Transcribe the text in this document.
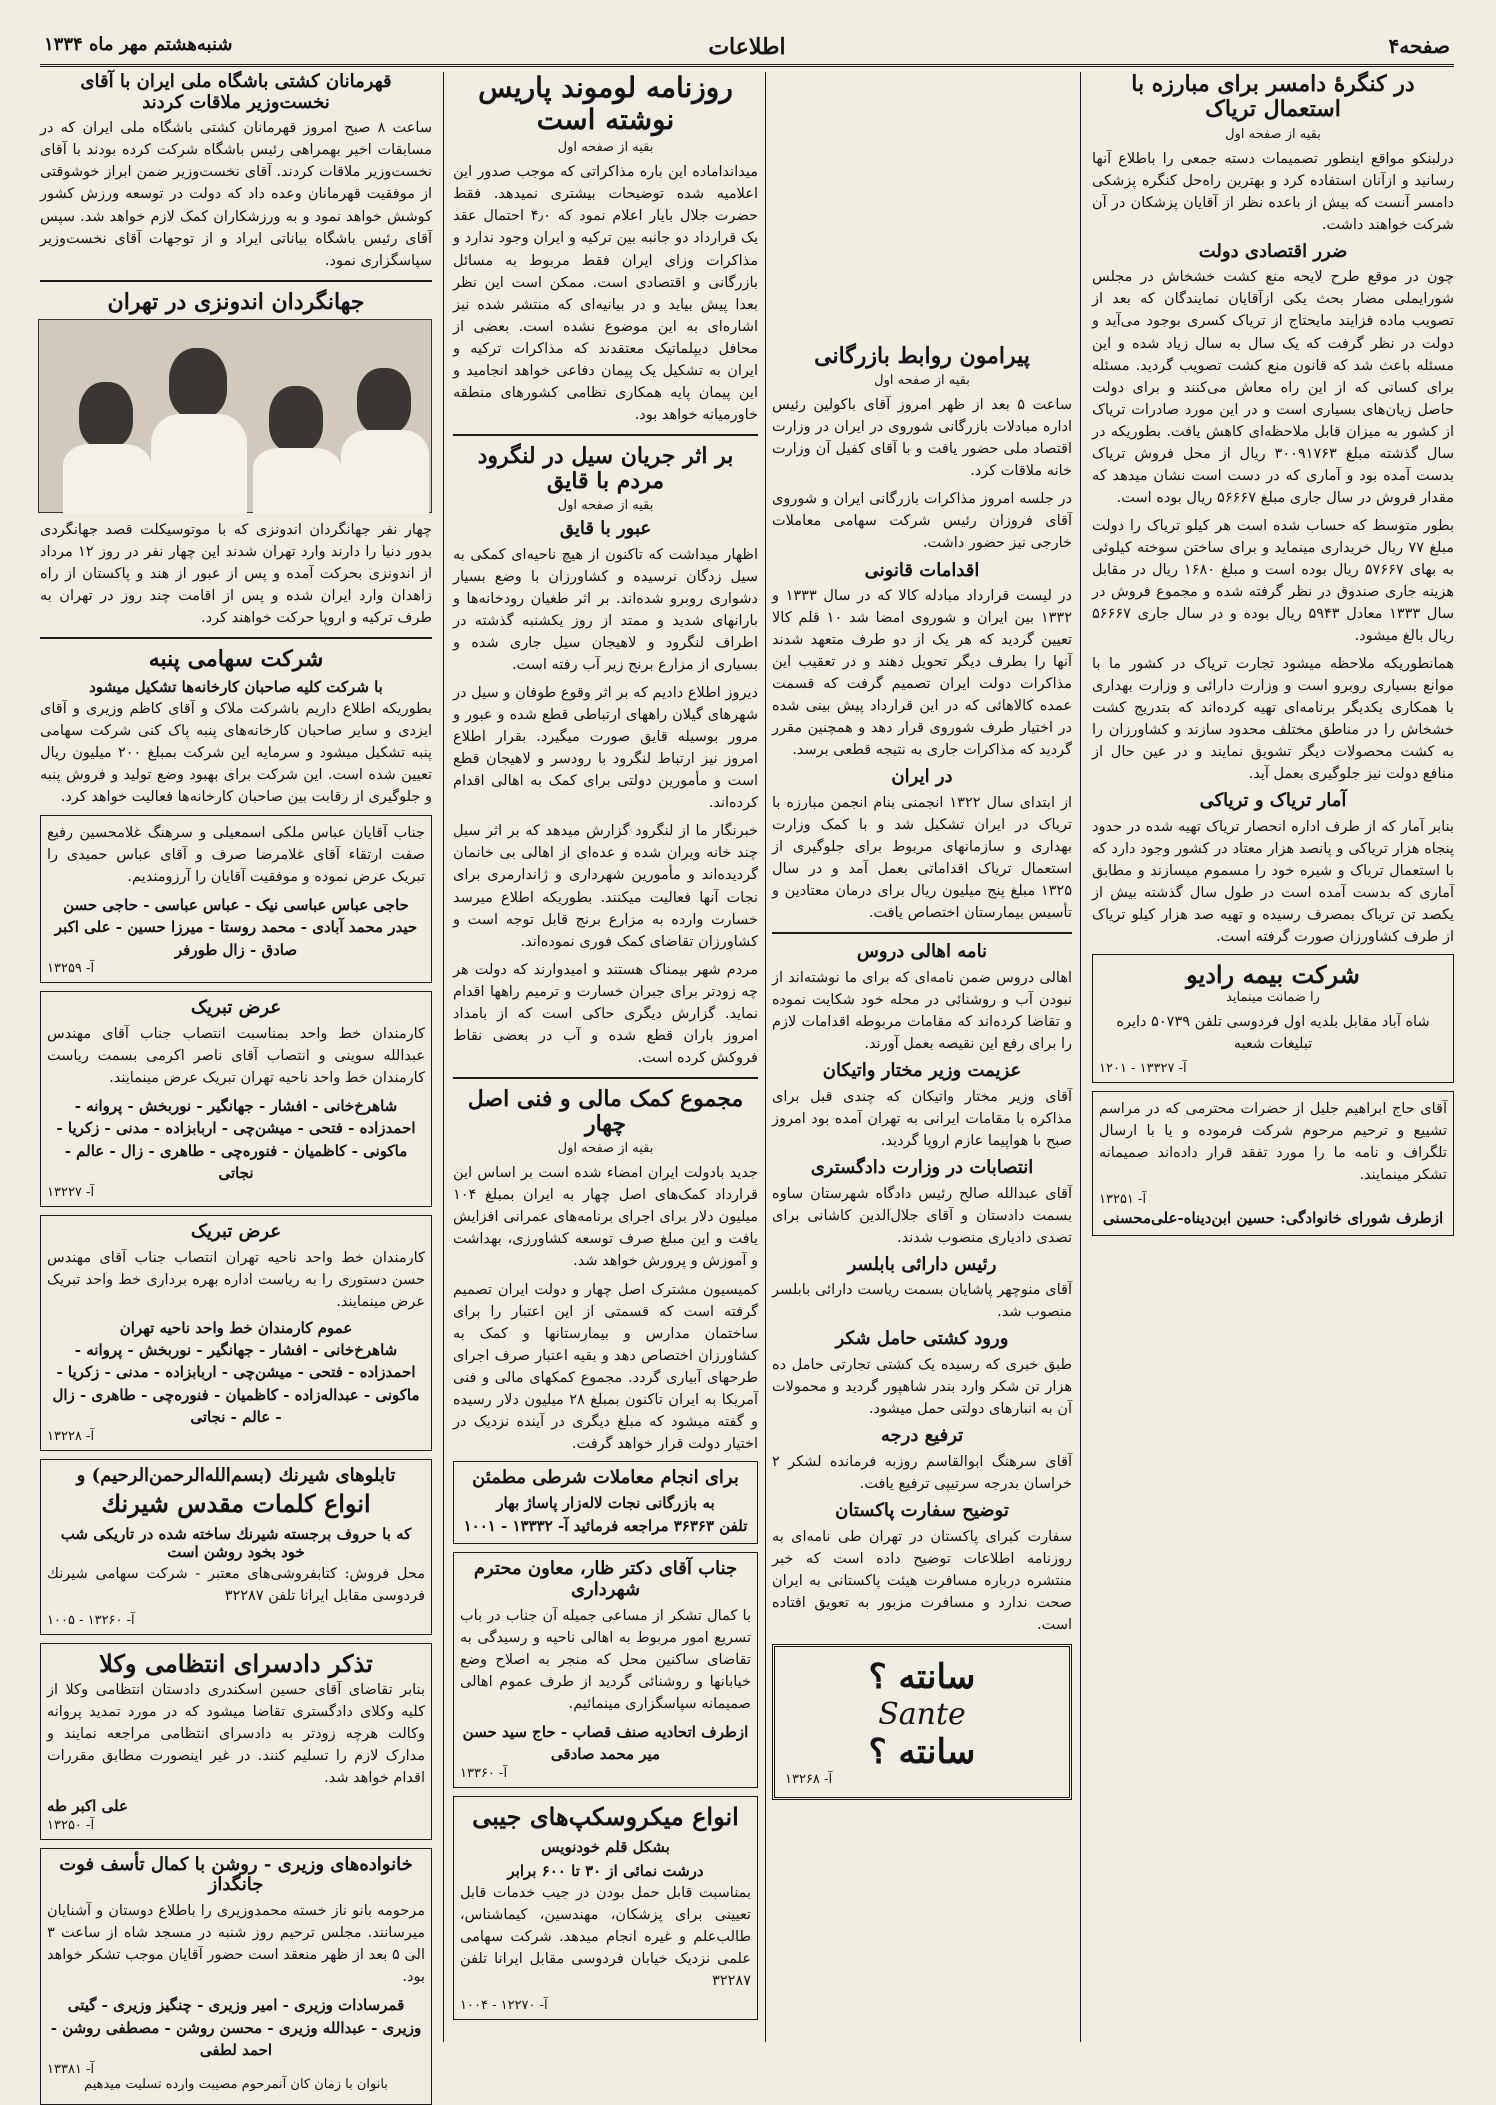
صفحه۴
اطلاعات
شنبه‌هشتم مهر ماه ۱۳۳۴
در کنگره‌ٔ دامسر برای مبارزه با استعمال تریاک
بقیه از صفحه اول

درلبنکو مواقع اینطور تصمیمات دسته جمعی را باطلاع آنها رسانید و ازآنان استفاده کرد و بهترین راه‌حل کنگره پزشکی دامسر آنست که بیش از باعده نظر از آقایان پزشکان در آن شرکت خواهند داشت.

ضرر اقتصادی دولت

چون در موقع طرح لایحه منع کشت خشخاش در مجلس شورایملی مضار بحث یکی ازآقایان نمایندگان که بعد از تصویب ماده فزایند مایحتاج از تریاک کسری بوجود می‌آید و دولت در نظر گرفت که یک سال به سال زیاد شده و این مسئله باعث شد که قانون منع کشت تصویب گردید. مسئله برای کسانی که از این راه معاش می‌کنند و برای دولت حاصل زیان‌های بسیاری است و در این مورد صادرات تریاک از کشور به میزان قابل ملاحظه‌ای کاهش یافت. بطوریکه در سال گذشته مبلغ ۳۰۰۹۱۷۶۳ ریال از محل فروش تریاک بدست آمده بود و آماری که در دست است نشان میدهد که مقدار فروش در سال جاری مبلغ ۵۶۶۶۷ ریال بوده است.

بطور متوسط که حساب شده است هر کیلو تریاک را دولت مبلغ ۷۷ ریال خریداری مینماید و برای ساختن سوخته کیلوئی به بهای ۵۷۶۶۷ ریال بوده است و مبلغ ۱۶۸۰ ریال در مقابل هزینه جاری صندوق در نظر گرفته شده و مجموع فروش در سال ۱۳۳۳ معادل ۵۹۴۳ ریال بوده و در سال جاری ۵۶۶۶۷ ریال بالغ میشود.

همانطوریکه ملاحظه میشود تجارت تریاک در کشور ما با موانع بسیاری روبرو است و وزارت دارائی و وزارت بهداری با همکاری یکدیگر برنامه‌ای تهیه کرده‌اند که بتدریج کشت خشخاش را در مناطق مختلف محدود سازند و کشاورزان را به کشت محصولات دیگر تشویق نمایند و در عین حال از منافع دولت نیز جلوگیری بعمل آید.

آمار تریاک و تریاکی

بنابر آمار که از طرف اداره انحصار تریاک تهیه شده در حدود پنجاه هزار تریاکی و پانصد هزار معتاد در کشور وجود دارد که با استعمال تریاک و شیره خود را مسموم میسازند و مطابق آماری که بدست آمده است در طول سال گذشته بیش از یکصد تن تریاک بمصرف رسیده و تهیه صد هزار کیلو تریاک از طرف کشاورزان صورت گرفته است.

شرکت بیمه رادیو
را ضمانت مینماید

شاه آباد مقابل بلدیه اول فردوسی تلفن ۵۰۷۳۹ دایره تبلیغات شعبه

آ- ۱۳۳۲۷ - ۱۲۰۱

آقای حاج ابراهیم جلیل از حضرات محترمی که در مراسم تشییع و ترحیم مرحوم شرکت فرموده و یا با ارسال تلگراف و نامه ما را مورد تفقد قرار داده‌اند صمیمانه تشکر مینمایند.

آ- ۱۳۲۵۱
ازطرف شورای خانوادگی: حسین ابن‌دیناه-علی‌محسنی
پیرامون روابط بازرگانی
بقیه از صفحه اول

ساعت ۵ بعد از ظهر امروز آقای باکولین رئیس اداره مبادلات بازرگانی شوروی در ایران در وزارت اقتصاد ملی حضور یافت و با آقای کفیل آن وزارت خانه ملاقات کرد.

در جلسه امروز مذاکرات بازرگانی ایران و شوروی آقای فروزان رئیس شرکت سهامی معاملات خارجی نیز حضور داشت.

اقدامات قانونی

در لیست قرارداد مبادله کالا که در سال ۱۳۳۳ و ۱۳۳۲ بین ایران و شوروی امضا شد ۱۰ قلم کالا تعیین گردید که هر یک از دو طرف متعهد شدند آنها را بطرف دیگر تحویل دهند و در تعقیب این مذاکرات دولت ایران تصمیم گرفت که قسمت عمده کالاهائی که در این قرارداد پیش بینی شده در اختیار طرف شوروی قرار دهد و همچنین مقرر گردید که مذاکرات جاری به نتیجه قطعی برسد.

در ایران

از ابتدای سال ۱۳۲۲ انجمنی بنام انجمن مبارزه با تریاک در ایران تشکیل شد و با کمک وزارت بهداری و سازمانهای مربوط برای جلوگیری از استعمال تریاک اقداماتی بعمل آمد و در سال ۱۳۲۵ مبلغ پنج میلیون ریال برای درمان معتادین و تأسیس بیمارستان اختصاص یافت.

نامه اهالی دروس

اهالی دروس ضمن نامه‌ای که برای ما نوشته‌اند از نبودن آب و روشنائی در محله خود شکایت نموده و تقاضا کرده‌اند که مقامات مربوطه اقدامات لازم را برای رفع این نقیصه بعمل آورند.

عزیمت وزیر مختار واتیکان

آقای وزیر مختار واتیکان که چندی قبل برای مذاکره با مقامات ایرانی به تهران آمده بود امروز صبح با هواپیما عازم اروپا گردید.

انتصابات در وزارت دادگستری

آقای عبدالله صالح رئیس دادگاه شهرستان ساوه بسمت دادستان و آقای جلال‌الدین کاشانی برای تصدی دادیاری منصوب شدند.

رئیس دارائی بابلسر

آقای منوچهر پاشایان بسمت ریاست دارائی بابلسر منصوب شد.

ورود کشتی حامل شکر

طبق خبری که رسیده یک کشتی تجارتی حامل ده هزار تن شکر وارد بندر شاهپور گردید و محمولات آن به انبارهای دولتی حمل میشود.

ترفیع درجه

آقای سرهنگ ابوالقاسم روزبه فرمانده لشکر ۲ خراسان بدرجه سرتیپی ترفیع یافت.

توضیح سفارت پاکستان

سفارت کبرای پاکستان در تهران طی نامه‌ای به روزنامه اطلاعات توضیح داده است که خبر منتشره درباره مسافرت هیئت پاکستانی به ایران صحت ندارد و مسافرت مزبور به تعویق افتاده است.

سانته ؟
Sante
سانته ؟
آ- ۱۳۲۶۸
روزنامه لوموند پاریس نوشته است
بقیه از صفحه اول

میدانداماده این باره مذاکراتی که موجب صدور این اعلامیه شده توضیحات بیشتری نمیدهد. فقط حضرت جلال بایار اعلام نمود که ۴٫۰ احتمال عقد یک قرارداد دو جانبه بین ترکیه و ایران وجود ندارد و مذاکرات وزای ایران فقط مربوط به مسائل بازرگانی و اقتصادی است. ممکن است این نظر بعدا پیش بیاید و در بیانیه‌ای که منتشر شده نیز اشاره‌ای به این موضوع نشده است. بعضی از محافل دیپلماتیک معتقدند که مذاکرات ترکیه و ایران به تشکیل یک پیمان دفاعی خواهد انجامید و این پیمان پایه همکاری نظامی کشورهای منطقه خاورمیانه خواهد بود.

بر اثر جریان سیل در لنگرود مردم با قایق
بقیه از صفحه اول
عبور با قایق

اظهار میداشت که تاکنون از هیچ ناحیه‌ای کمکی به سیل زدگان نرسیده و کشاورزان با وضع بسیار دشواری روبرو شده‌اند. بر اثر طغیان رودخانه‌ها و بارانهای شدید و ممتد از روز یکشنبه گذشته در اطراف لنگرود و لاهیجان سیل جاری شده و بسیاری از مزارع برنج زیر آب رفته است.

دیروز اطلاع دادیم که بر اثر وقوع طوفان و سیل در شهرهای گیلان راههای ارتباطی قطع شده و عبور و مرور بوسیله قایق صورت میگیرد. بقرار اطلاع امروز نیز ارتباط لنگرود با رودسر و لاهیجان قطع است و مأمورین دولتی برای کمک به اهالی اقدام کرده‌اند.

خبرنگار ما از لنگرود گزارش میدهد که بر اثر سیل چند خانه ویران شده و عده‌ای از اهالی بی خانمان گردیده‌اند و مأمورین شهرداری و ژاندارمری برای نجات آنها فعالیت میکنند. بطوریکه اطلاع میرسد خسارت وارده به مزارع برنج قابل توجه است و کشاورزان تقاضای کمک فوری نموده‌اند.

مردم شهر بیمناک هستند و امیدوارند که دولت هر چه زودتر برای جبران خسارت و ترمیم راهها اقدام نماید. گزارش دیگری حاکی است که از بامداد امروز باران قطع شده و آب در بعضی نقاط فروکش کرده است.

مجموع کمک مالی و فنی اصل چهار
بقیه از صفحه اول

جدید بادولت ایران امضاء شده است بر اساس این قرارداد کمک‌های اصل چهار به ایران بمبلغ ۱۰۴ میلیون دلار برای اجرای برنامه‌های عمرانی افزایش یافت و این مبلغ صرف توسعه کشاورزی، بهداشت و آموزش و پرورش خواهد شد.

کمیسیون مشترک اصل چهار و دولت ایران تصمیم گرفته است که قسمتی از این اعتبار را برای ساختمان مدارس و بیمارستانها و کمک به کشاورزان اختصاص دهد و بقیه اعتبار صرف اجرای طرحهای آبیاری گردد. مجموع کمکهای مالی و فنی آمریکا به ایران تاکنون بمبلغ ۲۸ میلیون دلار رسیده و گفته میشود که مبلغ دیگری در آینده نزدیک در اختیار دولت قرار خواهد گرفت.

برای انجام معاملات شرطی مطمئن
به بازرگانی نجات لاله‌زار پاساژ بهار
تلفن ۳۶۳۶۳ مراجعه فرمائید آ- ۱۳۳۳۲ - ۱۰۰۱
جناب آقای دکتر ظار، معاون محترم شهرداری

با کمال تشکر از مساعی جمیله آن جناب در باب تسریع امور مربوط به اهالی ناحیه و رسیدگی به تقاضای ساکنین محل که منجر به اصلاح وضع خیابانها و روشنائی گردید از طرف عموم اهالی صمیمانه سپاسگزاری مینمائیم.

ازطرف اتحادیه صنف قصاب - حاج سید حسن میر محمد صادقی
آ- ۱۳۳۶۰
انواع میکروسکپ‌های جیبی
بشکل قلم خودنویس
درشت نمائی از ۳۰ تا ۶۰۰ برابر

بمناسبت قابل حمل بودن در جیب خدمات قابل تعیینی برای پزشکان، مهندسین، کیماشناس، طالب‌علم و غیره انجام میدهد. شرکت سهامی علمی نزدیک خیابان فردوسی مقابل ایرانا تلفن ۳۲۲۸۷

آ- ۱۲۲۷۰ - ۱۰۰۴
قهرمانان کشتی باشگاه ملی ایران با آقای نخست‌وزیر ملاقات کردند

ساعت ۸ صبح امروز قهرمانان کشتی باشگاه ملی ایران که در مسابقات اخیر بهمراهی رئیس باشگاه شرکت کرده بودند با آقای نخست‌وزیر ملاقات کردند. آقای نخست‌وزیر ضمن ابراز خوشوقتی از موفقیت قهرمانان وعده داد که دولت در توسعه ورزش کشور کوشش خواهد نمود و به ورزشکاران کمک لازم خواهد شد. سپس آقای رئیس باشگاه بیاناتی ایراد و از توجهات آقای نخست‌وزیر سپاسگزاری نمود.

جهانگردان اندونزی در تهران

چهار نفر جهانگردان اندونزی که با موتوسیکلت قصد جهانگردی بدور دنیا را دارند وارد تهران شدند این چهار نفر در روز ۱۲ مرداد از اندونزی بحرکت آمده و پس از عبور از هند و پاکستان از راه زاهدان وارد ایران شده و پس از اقامت چند روز در تهران به طرف ترکیه و اروپا حرکت خواهند کرد.

شرکت سهامی پنبه
با شرکت کلیه صاحبان کارخانه‌ها تشکیل میشود

بطوریکه اطلاع داریم باشرکت ملاک و آقای کاظم وزیری و آقای ایزدی و سایر صاحبان کارخانه‌های پنبه پاک کنی شرکت سهامی پنبه تشکیل میشود و سرمایه این شرکت بمبلغ ۲۰۰ میلیون ریال تعیین شده است. این شرکت برای بهبود وضع تولید و فروش پنبه و جلوگیری از رقابت بین صاحبان کارخانه‌ها فعالیت خواهد کرد.

جناب آقایان عباس ملکی اسمعیلی و سرهنگ غلامحسین رفیع صفت ارتقاء آقای غلامرضا صرف و آقای عباس حمیدی را تبریک عرض نموده و موفقیت آقایان را آرزومندیم.

حاجی عباس عباسی نیک - عباس عباسی - حاجی حسن حیدر محمد آبادی - محمد روستا - میرزا حسین - علی اکبر صادق - زال طورفر
آ- ۱۳۲۵۹
عرض تبریک

کارمندان خط واحد بمناسبت انتصاب جناب آقای مهندس عبدالله سوینی و انتصاب آقای ناصر اکرمی بسمت ریاست کارمندان خط واحد ناحیه تهران تبریک عرض مینمایند.

شاهرخ‌خانی - افشار - جهانگیر - نوربخش - پروانه - احمدزاده - فتحی - میشن‌چی - اربابزاده - مدنی - زکریا - ماکونی - کاظمیان - فنوره‌چی - طاهری - زال - عالم - نجاتی
آ- ۱۳۲۲۷
عرض تبریک

کارمندان خط واحد ناحیه تهران انتصاب جناب آقای مهندس حسن دستوری را به ریاست اداره بهره برداری خط واحد تبریک عرض مینمایند.

عموم کارمندان خط واحد ناحیه تهران
شاهرخ‌خانی - افشار - جهانگیر - نوربخش - پروانه - احمدزاده - فتحی - میشن‌چی - اربابزاده - مدنی - زکریا - ماکونی - عبداله‌زاده - کاظمیان - فنوره‌چی - طاهری - زال - عالم - نجاتی
آ- ۱۳۲۲۸
تابلوهای شیرنك (بسم‌الله‌الرحمن‌الرحیم) و
انواع کلمات مقدس شیرنك
که با حروف برجسته شیرنك ساخته شده در تاریکی شب خود بخود روشن است

محل فروش: کتابفروشی‌های معتبر - شرکت سهامی شیرنك فردوسی مقابل ایرانا تلفن ۳۲۲۸۷

آ- ۱۳۲۶۰ - ۱۰۰۵
تذکر دادسرای انتظامی وکلا

بنابر تقاضای آقای حسین اسکندری دادستان انتظامی وکلا از کلیه وکلای دادگستری تقاضا میشود که در مورد تمدید پروانه وکالت هرچه زودتر به دادسرای انتظامی مراجعه نمایند و مدارک لازم را تسلیم کنند. در غیر اینصورت مطابق مقررات اقدام خواهد شد.

علی اکبر طه
آ- ۱۳۲۵۰
خانواده‌های وزیری - روشن با کمال تأسف فوت جانگداز

مرحومه بانو ناز خسته محمدوزیری را باطلاع دوستان و آشنایان میرسانند. مجلس ترحیم روز شنبه در مسجد شاه از ساعت ۳ الی ۵ بعد از ظهر منعقد است حضور آقایان موجب تشکر خواهد بود.

قمرسادات وزیری - امیر وزیری - چنگیز وزیری - گیتی وزیری - عبدالله وزیری - محسن روشن - مصطفی روشن - احمد لطفی
آ- ۱۳۳۸۱
بانوان با زمان کان آنمرحوم مصیبت وارده تسلیت میدهیم
